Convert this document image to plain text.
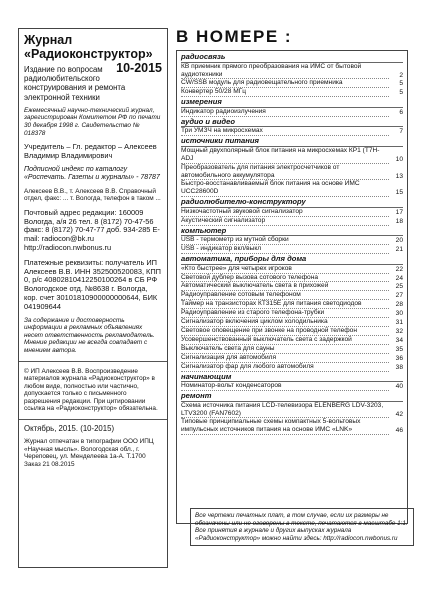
Журнал
«Радиоконструктор»
10-2015
Издание по вопросам радиолюбительского конструирования и ремонта электронной техники
Ежемесячный научно-технический журнал, зарегистрирован Комитетом РФ по печати 30 декабря 1998 г. Свидетельство № 018378
Учредитель – Гл. редактор – Алексеев Владимир Владимирович
Подписной индекс по каталогу «Роспечать. Газеты и журналы» - 78787
Алексеев В.В., т. Алексеев В.В. Справочный отдел, факс: ... т. Вологда, телефон в таком ...
Почтовый адрес редакции: 160009 Вологда, а/я 26 тел. 8 (8172) 70-47-56 факс: 8 (8172) 70-47-77 доб. 934-285 E-mail: radiocon@bk.ru http://radiocon.nwbonus.ru
Платежные реквизиты: получатель ИП Алексеев В.В. ИНН 352500520083, КПП 0, р/с 40802810412250100264 в СБ РФ Вологодское отд. №8638 г. Вологда, кор. счет 30101810900000000644, БИК 041909644
За содержание и достоверность информации в рекламных объявлениях несет ответственность рекламодатель. Мнение редакции не всегда совпадает с мнением автора.
© ИП Алексеев В.В. Воспроизведение материалов журнала «Радиоконструктор» в любом виде, полностью или частично, допускается только с письменного разрешения редакции. При цитировании ссылка на «Радиоконструктор» обязательна.
Октябрь, 2015. (10-2015)
Журнал отпечатан в типографии ООО ИПЦ «Научная мысль». Вологодская обл., г. Череповец, ул. Менделеева 1а-А. Т.1700 Заказ 21 08.2015
В НОМЕРЕ :
радиосвязь
КВ приемник прямого преобразования на ИМС от бытовой аудиотехники	2
СW/SSB модуль для радиовещательного приемника	5
Конвертер 50/28 МГц	5
измерения
Индикатор радиоизлучения	6
аудио и видео
Три УМЗЧ на микросхемах	7
источники питания
Мощный двухполярный блок питания на микросхемах КР1 (Т7H-ADJ	10
Преобразователь для питания электросчетчиков от автомобильного аккумулятора	13
Быстро-восстанавливаемый блок питания на основе ИМС UCC28600D	15
радиолюбителю-конструктору
Низкочастотный звуковой сигнализатор	17
Акустический сигнализатор	18
компьютер
USB - термометр из мутной сборки	20
USB - индикатор вкл/выкл	21
автоматика, приборы для дома
«Кто быстрее» для четырех игроков	22
Световой дублер вызова сотового телефона	24
Автоматический выключатель света в прихожей	25
Радиоуправление сотовым телефоном	27
Таймер на транзисторах КТ315Е для питания светодиодов	28
Радиоуправление из старого телефона-трубки	30
Сигнализатор включения циклом холодильника	31
Световое оповещение при звонке на проводной телефон	32
Усовершенствованный выключатель света с задержкой	34
Выключатель света для сауны	35
Сигнализация для автомобиля	36
Сигнализатор фар для любого автомобиля	38
начинающим
Номинатор-вольт конденсаторов	40
ремонт
Схема источника питания LCD-телевизора ELENBERG LDV-3203, LTV3200 (FAN7602)	42
Типовые принципиальные схемы компактных 5-вольтовых импульсных источников питания на основе ИМС «LNK»	46
Все чертежи печатных плат, в том случае, если их размеры не обозначены или не оговорены в тексте, печатаются в масштабе 1:1. Все принятия в журнале и других выпусках журнала «Радиоконструктор» можно найти здесь: http://radiocon.nwbonus.ru
